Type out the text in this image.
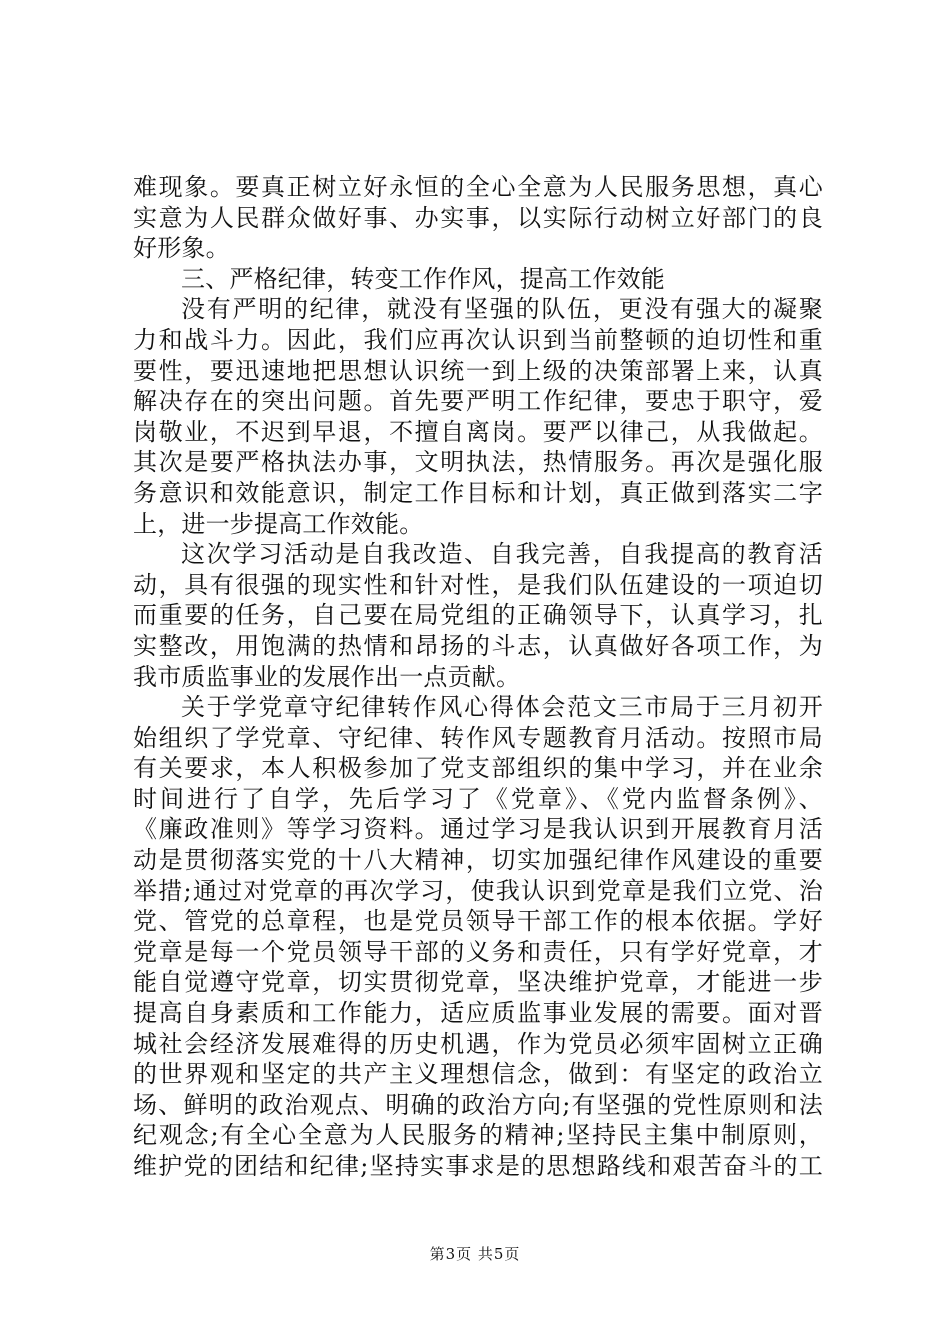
难现象。要真正树立好永恒的全心全意为人民服务思想，真心
实意为人民群众做好事、办实事，以实际行动树立好部门的良
好形象。
三、严格纪律，转变工作作风，提高工作效能
没有严明的纪律，就没有坚强的队伍，更没有强大的凝聚
力和战斗力。因此，我们应再次认识到当前整顿的迫切性和重
要性，要迅速地把思想认识统一到上级的决策部署上来，认真
解决存在的突出问题。首先要严明工作纪律，要忠于职守，爱
岗敬业，不迟到早退，不擅自离岗。要严以律己，从我做起。
其次是要严格执法办事，文明执法，热情服务。再次是强化服
务意识和效能意识，制定工作目标和计划，真正做到落实二字
上，进一步提高工作效能。
这次学习活动是自我改造、自我完善，自我提高的教育活
动，具有很强的现实性和针对性，是我们队伍建设的一项迫切
而重要的任务，自己要在局党组的正确领导下，认真学习，扎
实整改，用饱满的热情和昂扬的斗志，认真做好各项工作，为
我市质监事业的发展作出一点贡献。
关于学党章守纪律转作风心得体会范文三市局于三月初开
始组织了学党章、守纪律、转作风专题教育月活动。按照市局
有关要求，本人积极参加了党支部组织的集中学习，并在业余
时间进行了自学，先后学习了《党章》、《党内监督条例》、
《廉政准则》等学习资料。通过学习是我认识到开展教育月活
动是贯彻落实党的十八大精神，切实加强纪律作风建设的重要
举措;通过对党章的再次学习，使我认识到党章是我们立党、治
党、管党的总章程，也是党员领导干部工作的根本依据。学好
党章是每一个党员领导干部的义务和责任，只有学好党章，才
能自觉遵守党章，切实贯彻党章，坚决维护党章，才能进一步
提高自身素质和工作能力，适应质监事业发展的需要。面对晋
城社会经济发展难得的历史机遇，作为党员必须牢固树立正确
的世界观和坚定的共产主义理想信念，做到：有坚定的政治立
场、鲜明的政治观点、明确的政治方向;有坚强的党性原则和法
纪观念;有全心全意为人民服务的精神;坚持民主集中制原则，
维护党的团结和纪律;坚持实事求是的思想路线和艰苦奋斗的工
第3页 共5页
